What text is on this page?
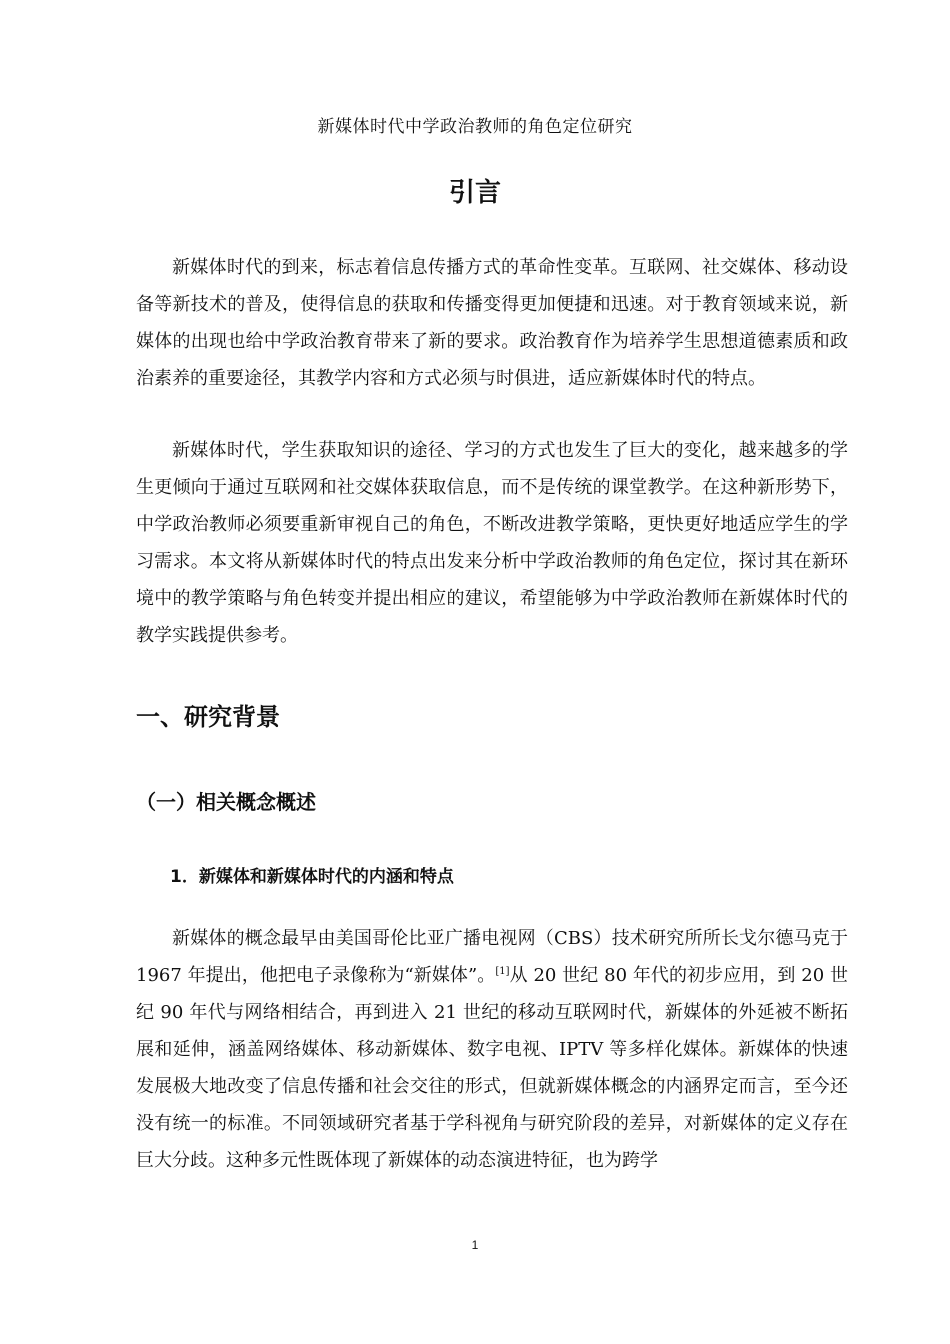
新媒体时代中学政治教师的角色定位研究
引言

新媒体时代的到来，标志着信息传播方式的革命性变革。互联网、社交媒体、移动设备等新技术的普及，使得信息的获取和传播变得更加便捷和迅速。对于教育领域来说，新媒体的出现也给中学政治教育带来了新的要求。政治教育作为培养学生思想道德素质和政治素养的重要途径，其教学内容和方式必须与时俱进，适应新媒体时代的特点。

新媒体时代，学生获取知识的途径、学习的方式也发生了巨大的变化，越来越多的学生更倾向于通过互联网和社交媒体获取信息，而不是传统的课堂教学。在这种新形势下，中学政治教师必须要重新审视自己的角色，不断改进教学策略，更快更好地适应学生的学习需求。本文将从新媒体时代的特点出发来分析中学政治教师的角色定位，探讨其在新环境中的教学策略与角色转变并提出相应的建议，希望能够为中学政治教师在新媒体时代的教学实践提供参考。

一、研究背景
（一）相关概念概述
1．新媒体和新媒体时代的内涵和特点

新媒体的概念最早由美国哥伦比亚广播电视网（CBS）技术研究所所长戈尔德马克于 1967 年提出，他把电子录像称为“新媒体”。[1]从 20 世纪 80 年代的初步应用，到 20 世纪 90 年代与网络相结合，再到进入 21 世纪的移动互联网时代，新媒体的外延被不断拓展和延伸，涵盖网络媒体、移动新媒体、数字电视、IPTV 等多样化媒体。新媒体的快速发展极大地改变了信息传播和社会交往的形式，但就新媒体概念的内涵界定而言，至今还没有统一的标准。不同领域研究者基于学科视角与研究阶段的差异，对新媒体的定义存在巨大分歧。这种多元性既体现了新媒体的动态演进特征，也为跨学

1
